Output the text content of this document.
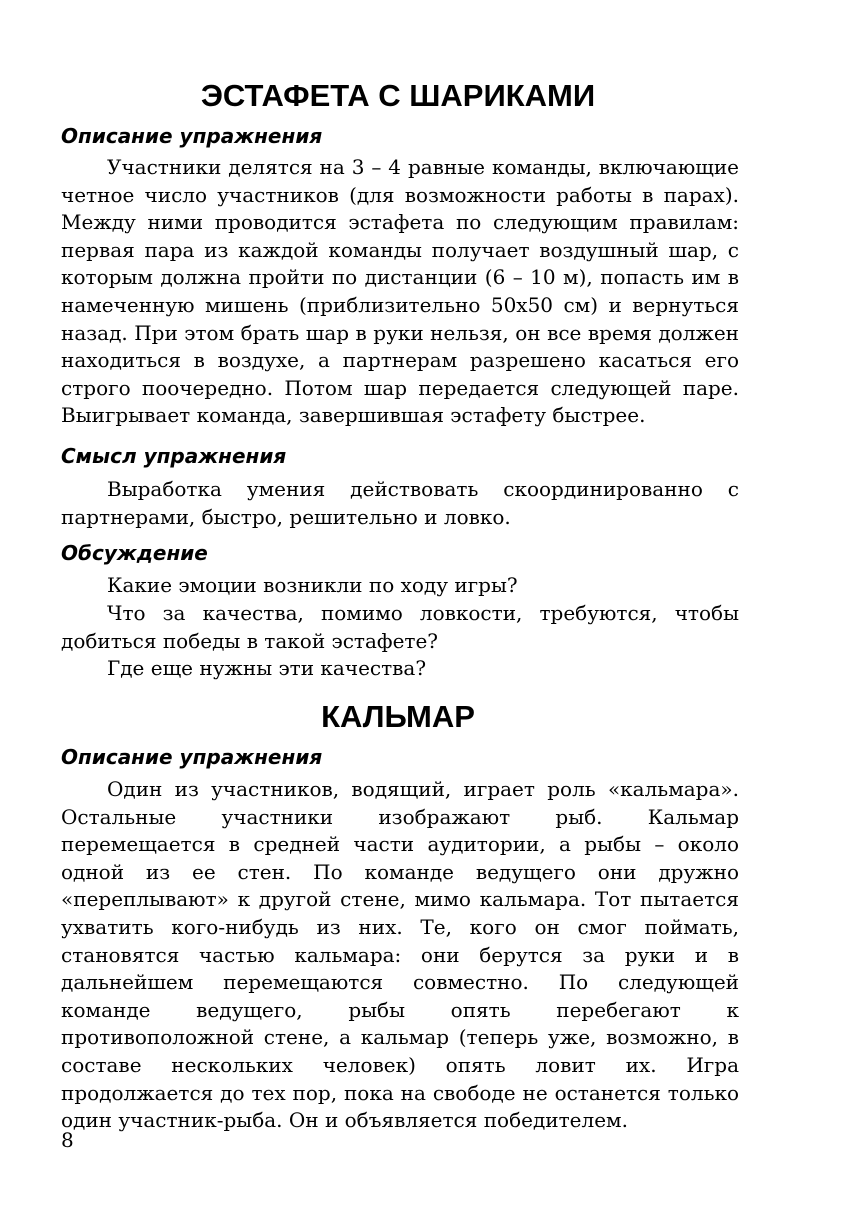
ЭСТАФЕТА С ШАРИКАМИ
Описание упражнения

Участники делятся на 3 – 4 равные команды, включающие четное число участников (для возможности работы в парах). Между ними проводится эстафета по следующим правилам: первая пара из каждой команды получает воздушный шар, с которым должна пройти по дистанции (6 – 10 м), попасть им в намеченную мишень (приблизительно 50х50 см) и вернуться назад. При этом брать шар в руки нельзя, он все время должен находиться в воздухе, а партнерам разрешено касаться его строго поочередно. Потом шар передается следующей паре. Выигрывает команда, завершившая эстафету быстрее.

Смысл упражнения

Выработка умения действовать скоординированно с партнерами, быстро, решительно и ловко.

Обсуждение

Какие эмоции возникли по ходу игры?

Что за качества, помимо ловкости, требуются, чтобы добиться победы в такой эстафете?

Где еще нужны эти качества?

КАЛЬМАР
Описание упражнения

Один из участников, водящий, играет роль «кальмара». Остальные участники изображают рыб. Кальмар перемещается в средней части аудитории, а рыбы – около одной из ее стен. По команде ведущего они дружно «переплывают» к другой стене, мимо кальмара. Тот пытается ухватить кого-нибудь из них. Те, кого он смог поймать, становятся частью кальмара: они берутся за руки и в дальнейшем перемещаются совместно. По следующей команде ведущего, рыбы опять перебегают к противоположной стене, а кальмар (теперь уже, возможно, в составе нескольких человек) опять ловит их. Игра продолжается до тех пор, пока на свободе не останется только один участник-рыба. Он и объявляется победителем.

8
